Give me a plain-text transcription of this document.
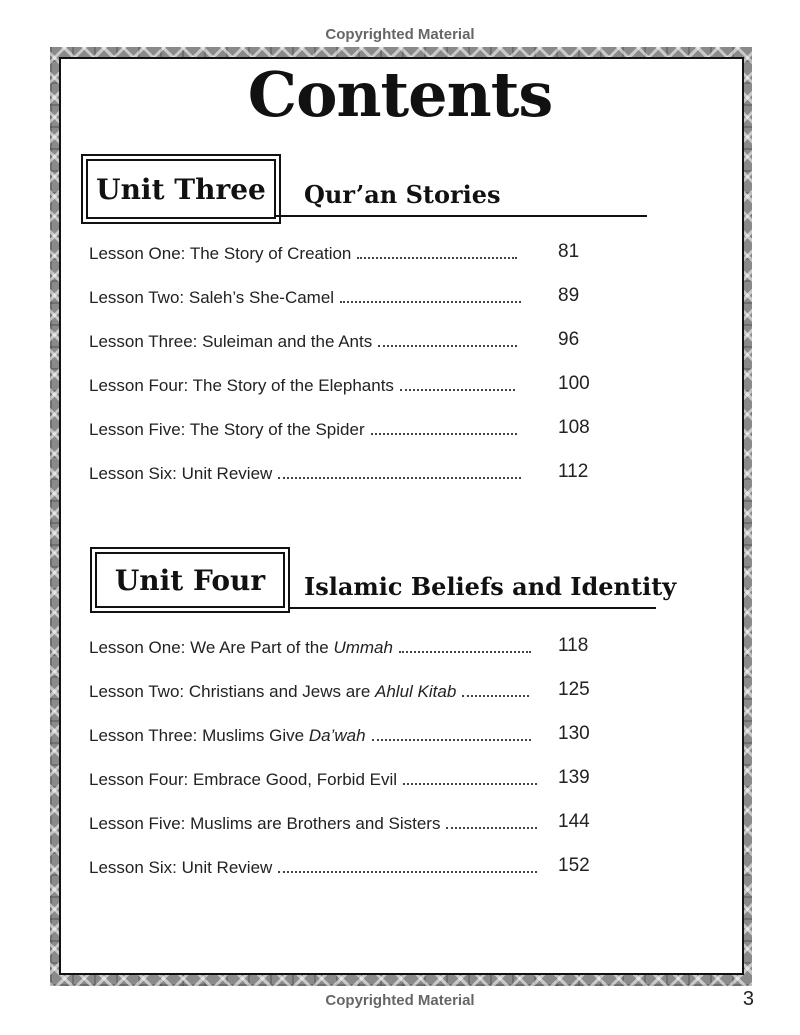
Copyrighted Material
Contents
Unit Three	Qur’an Stories
Lesson One: The Story of Creation	81
Lesson Two: Saleh’s She-Camel	89
Lesson Three: Suleiman and the Ants	96
Lesson Four: The Story of the Elephants	100
Lesson Five: The Story of the Spider	108
Lesson Six: Unit Review	112
Unit Four	Islamic Beliefs and Identity
Lesson One: We Are Part of the Ummah	118
Lesson Two: Christians and Jews are Ahlul Kitab	125
Lesson Three: Muslims Give Da’wah	130
Lesson Four: Embrace Good, Forbid Evil	139
Lesson Five: Muslims are Brothers and Sisters	144
Lesson Six: Unit Review	152
Copyrighted Material	3
